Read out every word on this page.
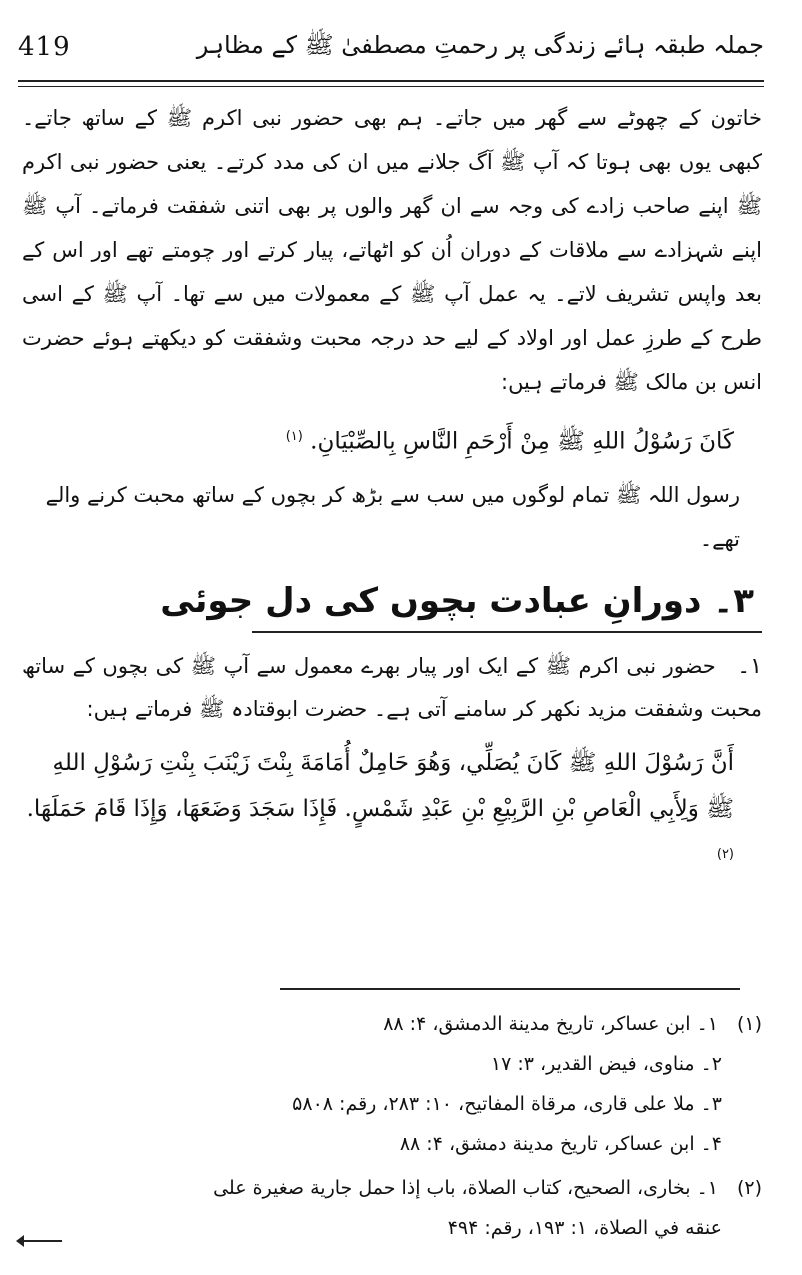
419	جملہ طبقہ ہائے زندگی پر رحمتِ مصطفیٰ ﷺ کے مظاہر

خاتون کے چھوٹے سے گھر میں جاتے۔ ہم بھی حضور نبی اکرم ﷺ کے ساتھ جاتے۔ کبھی یوں بھی ہوتا کہ آپ ﷺ آگ جلانے میں ان کی مدد کرتے۔ یعنی حضور نبی اکرم ﷺ اپنے صاحب زادے کی وجہ سے ان گھر والوں پر بھی اتنی شفقت فرماتے۔ آپ ﷺ اپنے شہزادے سے ملاقات کے دوران اُن کو اٹھاتے، پیار کرتے اور چومتے تھے اور اس کے بعد واپس تشریف لاتے۔ یہ عمل آپ ﷺ کے معمولات میں سے تھا۔ آپ ﷺ کے اسی طرح کے طرزِ عمل اور اولاد کے لیے حد درجہ محبت وشفقت کو دیکھتے ہوئے حضرت انس بن مالک ﷺ فرماتے ہیں:

كَانَ رَسُوْلُ اللهِ ﷺ مِنْ أَرْحَمِ النَّاسِ بِالصِّبْيَانِ. $^{(١)}$

رسول اللہ ﷺ تمام لوگوں میں سب سے بڑھ کر بچوں کے ساتھ محبت کرنے والے تھے۔

٣۔ دورانِ عبادت بچوں کی دل جوئی

١۔ حضور نبی اکرم ﷺ کے ایک اور پیار بھرے معمول سے آپ ﷺ کی بچوں کے ساتھ محبت وشفقت مزید نکھر کر سامنے آتی ہے۔ حضرت ابوقتادہ ﷺ فرماتے ہیں:

أَنَّ رَسُوْلَ اللهِ ﷺ كَانَ يُصَلِّي، وَهُوَ حَامِلٌ أُمَامَةَ بِنْتَ زَيْنَبَ بِنْتِ رَسُوْلِ اللهِ ﷺ وَلِأَبِي الْعَاصِ بْنِ الرَّبِيْعِ بْنِ عَبْدِ شَمْسٍ. فَإِذَا سَجَدَ وَضَعَهَا، وَإِذَا قَامَ حَمَلَهَا. $^{(٢)}$

(١) ١۔ ابن عساکر، تاریخ مدینة الدمشق، ۴: ۸۸

٢۔ مناوی، فیض القدیر، ۳: ۱۷

٣۔ ملا علی قاری، مرقاة المفاتیح، ۱۰: ۲۸۳، رقم: ۵۸۰۸

۴۔ ابن عساکر، تاریخ مدینة دمشق، ۴: ۸۸

(٢) ١۔ بخاری، الصحیح، کتاب الصلاة، باب إذا حمل جاریة صغیرة علی

عنقه في الصلاة، ۱: ۱۹۳، رقم: ۴۹۴
